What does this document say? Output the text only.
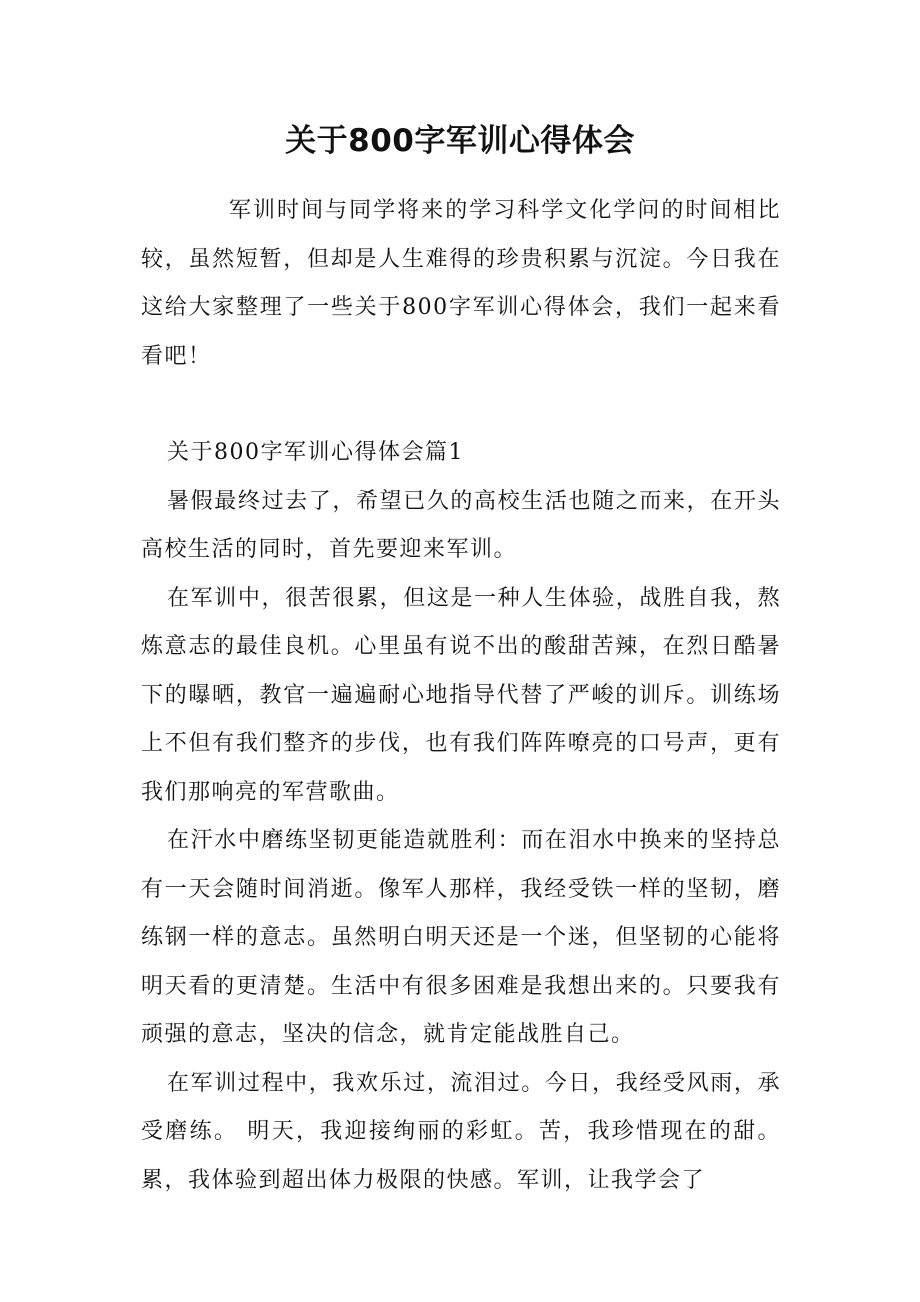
关于800字军训心得体会

军训时间与同学将来的学习科学文化学问的时间相比较，虽然短暂，但却是人生难得的珍贵积累与沉淀。今日我在这给大家整理了一些关于800字军训心得体会，我们一起来看看吧！

关于800字军训心得体会篇1

暑假最终过去了，希望已久的高校生活也随之而来，在开头高校生活的同时，首先要迎来军训。

在军训中，很苦很累，但这是一种人生体验，战胜自我，熬炼意志的最佳良机。心里虽有说不出的酸甜苦辣，在烈日酷暑下的曝晒，教官一遍遍耐心地指导代替了严峻的训斥。训练场上不但有我们整齐的步伐，也有我们阵阵嘹亮的口号声，更有我们那响亮的军营歌曲。

在汗水中磨练坚韧更能造就胜利：而在泪水中换来的坚持总有一天会随时间消逝。像军人那样，我经受铁一样的坚韧，磨练钢一样的意志。虽然明白明天还是一个迷，但坚韧的心能将明天看的更清楚。生活中有很多困难是我想出来的。只要我有顽强的意志，坚决的信念，就肯定能战胜自己。

在军训过程中，我欢乐过，流泪过。今日，我经受风雨，承受磨练。 明天，我迎接绚丽的彩虹。苦，我珍惜现在的甜。累，我体验到超出体力极限的快感。军训，让我学会了
